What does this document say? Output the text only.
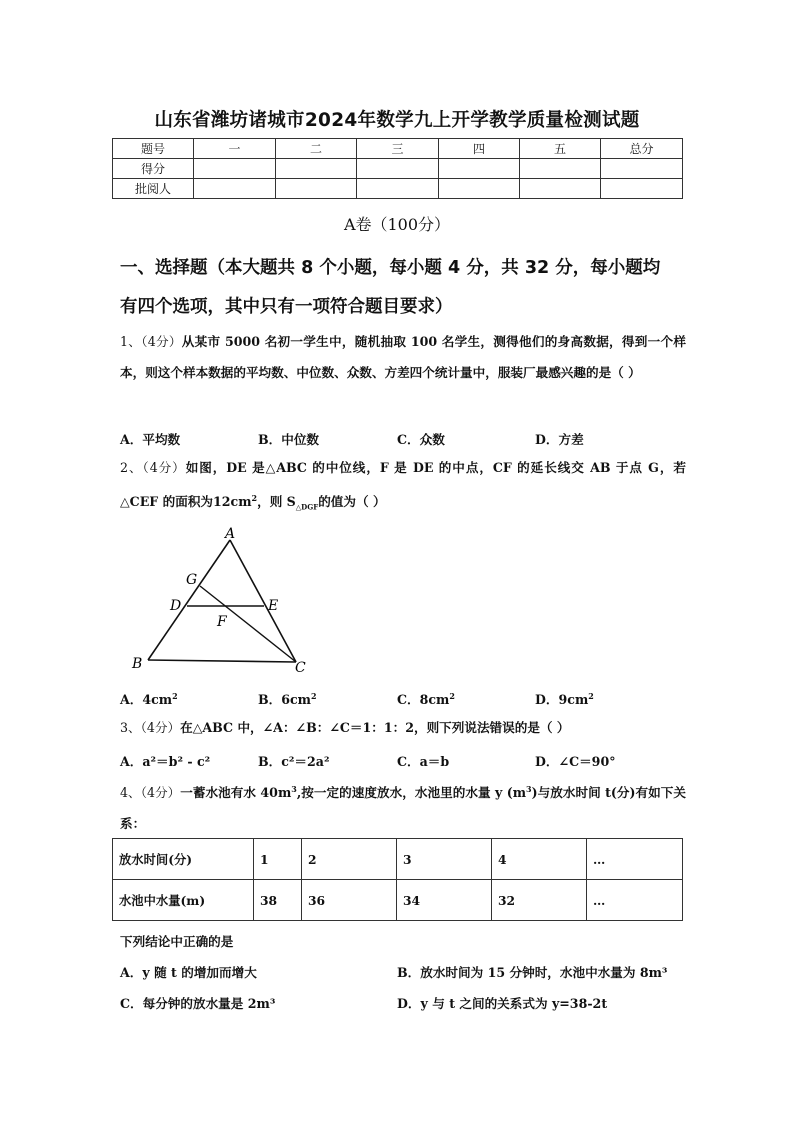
山东省潍坊诸城市2024年数学九上开学教学质量检测试题
题号	一	二	三	四	五	总分
得分						
批阅人						
A卷（100分）
一、选择题（本大题共 8 个小题，每小题 4 分，共 32 分，每小题均
有四个选项，其中只有一项符合题目要求）
1、（4分）从某市 5000 名初一学生中，随机抽取 100 名学生，测得他们的身高数据，得到一个样本，则这个样本数据的平均数、中位数、众数、方差四个统计量中，服装厂最感兴趣的是（ ）
A．平均数	B．中位数	C．众数	D．方差
2、（4分）如图，DE 是△ABC 的中位线，F 是 DE 的中点，CF 的延长线交 AB 于点 G，若△CEF 的面积为$12cm^2$，则 $S_{\triangle DGF}$的值为（ ）
A
G
D	E
F
B	C
A．$4cm^2$	B．$6cm^2$	C．$8cm^2$	D．$9cm^2$
3、（4分）在△ABC 中，∠A：∠B：∠C＝1：1：2，则下列说法错误的是（ ）
A．a²＝b² - c²	B．c²＝2a²	C．a＝b	D．∠C＝90°
4、（4分）一蓄水池有水 $40m^3$,按一定的速度放水，水池里的水量 y $(m^3)$与放水时间 t(分)有如下关系：
放水时间(分)	1	2	3	4	…
水池中水量(m)	38	36	34	32	…
下列结论中正确的是
A．y 随 t 的增加而增大	B．放水时间为 15 分钟时，水池中水量为 8m³
C．每分钟的放水量是 2m³	D．y 与 t 之间的关系式为 y=38-2t
